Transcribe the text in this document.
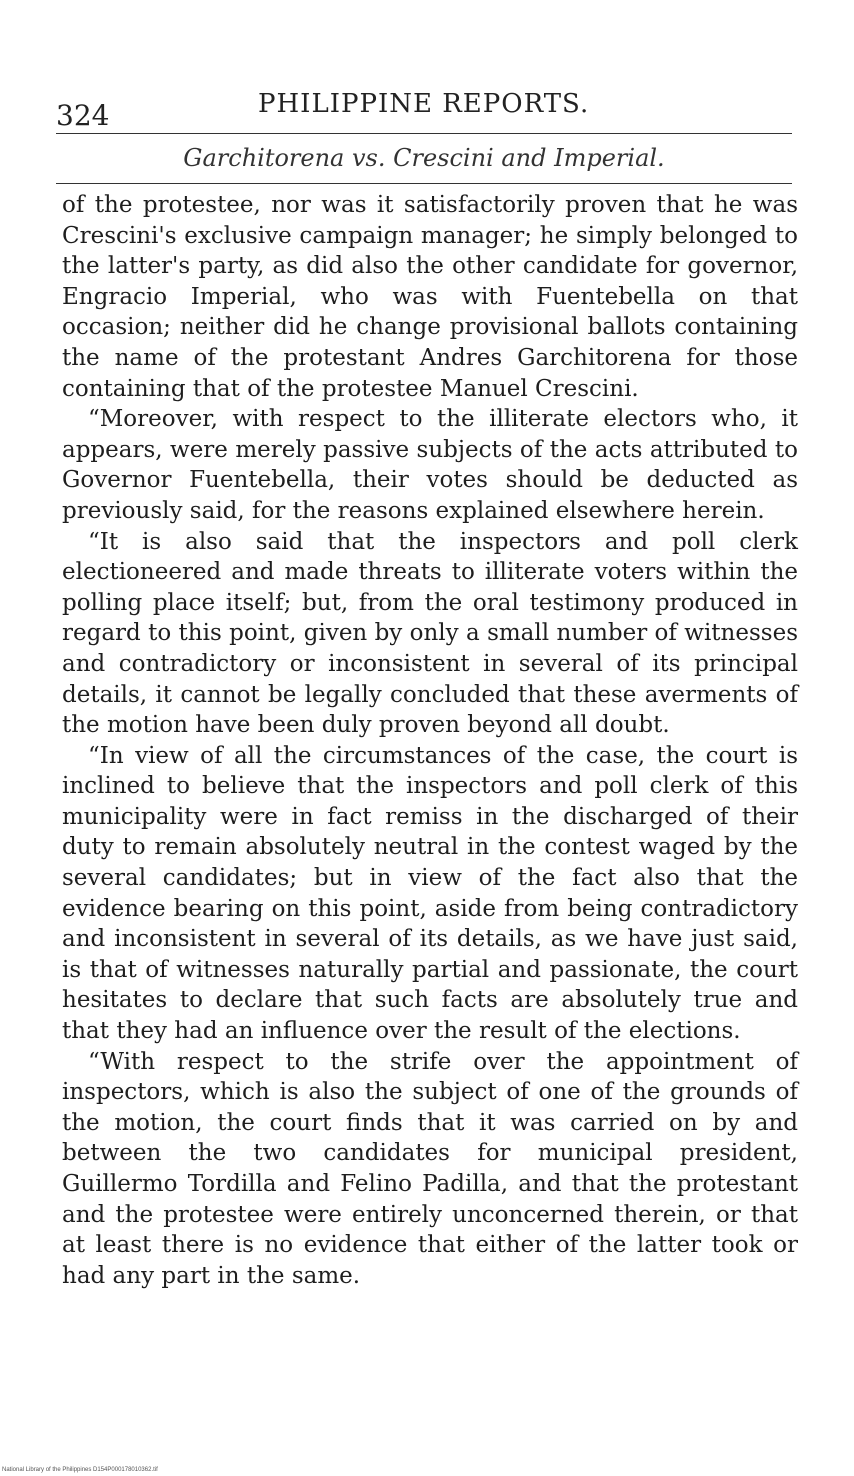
324	PHILIPPINE REPORTS.
Garchitorena vs. Crescini and Imperial.

of the protestee, nor was it satisfactorily proven that he was Crescini's exclusive campaign manager; he simply belonged to the latter's party, as did also the other candidate for governor, Engracio Imperial, who was with Fuentebella on that occasion; neither did he change provisional ballots containing the name of the protestant Andres Garchitorena for those containing that of the protestee Manuel Crescini.

“Moreover, with respect to the illiterate electors who, it appears, were merely passive subjects of the acts attributed to Governor Fuentebella, their votes should be deducted as previously said, for the reasons explained elsewhere herein.

“It is also said that the inspectors and poll clerk electioneered and made threats to illiterate voters within the polling place itself; but, from the oral testimony produced in regard to this point, given by only a small number of witnesses and contradictory or inconsistent in several of its principal details, it cannot be legally concluded that these averments of the motion have been duly proven beyond all doubt.

“In view of all the circumstances of the case, the court is inclined to believe that the inspectors and poll clerk of this municipality were in fact remiss in the discharged of their duty to remain absolutely neutral in the contest waged by the several candidates; but in view of the fact also that the evidence bearing on this point, aside from being contradictory and inconsistent in several of its details, as we have just said, is that of witnesses naturally partial and passionate, the court hesitates to declare that such facts are absolutely true and that they had an influence over the result of the elections.

“With respect to the strife over the appointment of inspectors, which is also the subject of one of the grounds of the motion, the court finds that it was carried on by and between the two candidates for municipal president, Guillermo Tordilla and Felino Padilla, and that the protestant and the protestee were entirely unconcerned therein, or that at least there is no evidence that either of the latter took or had any part in the same.

National Library of the Philippines D154P000178010362.tif
